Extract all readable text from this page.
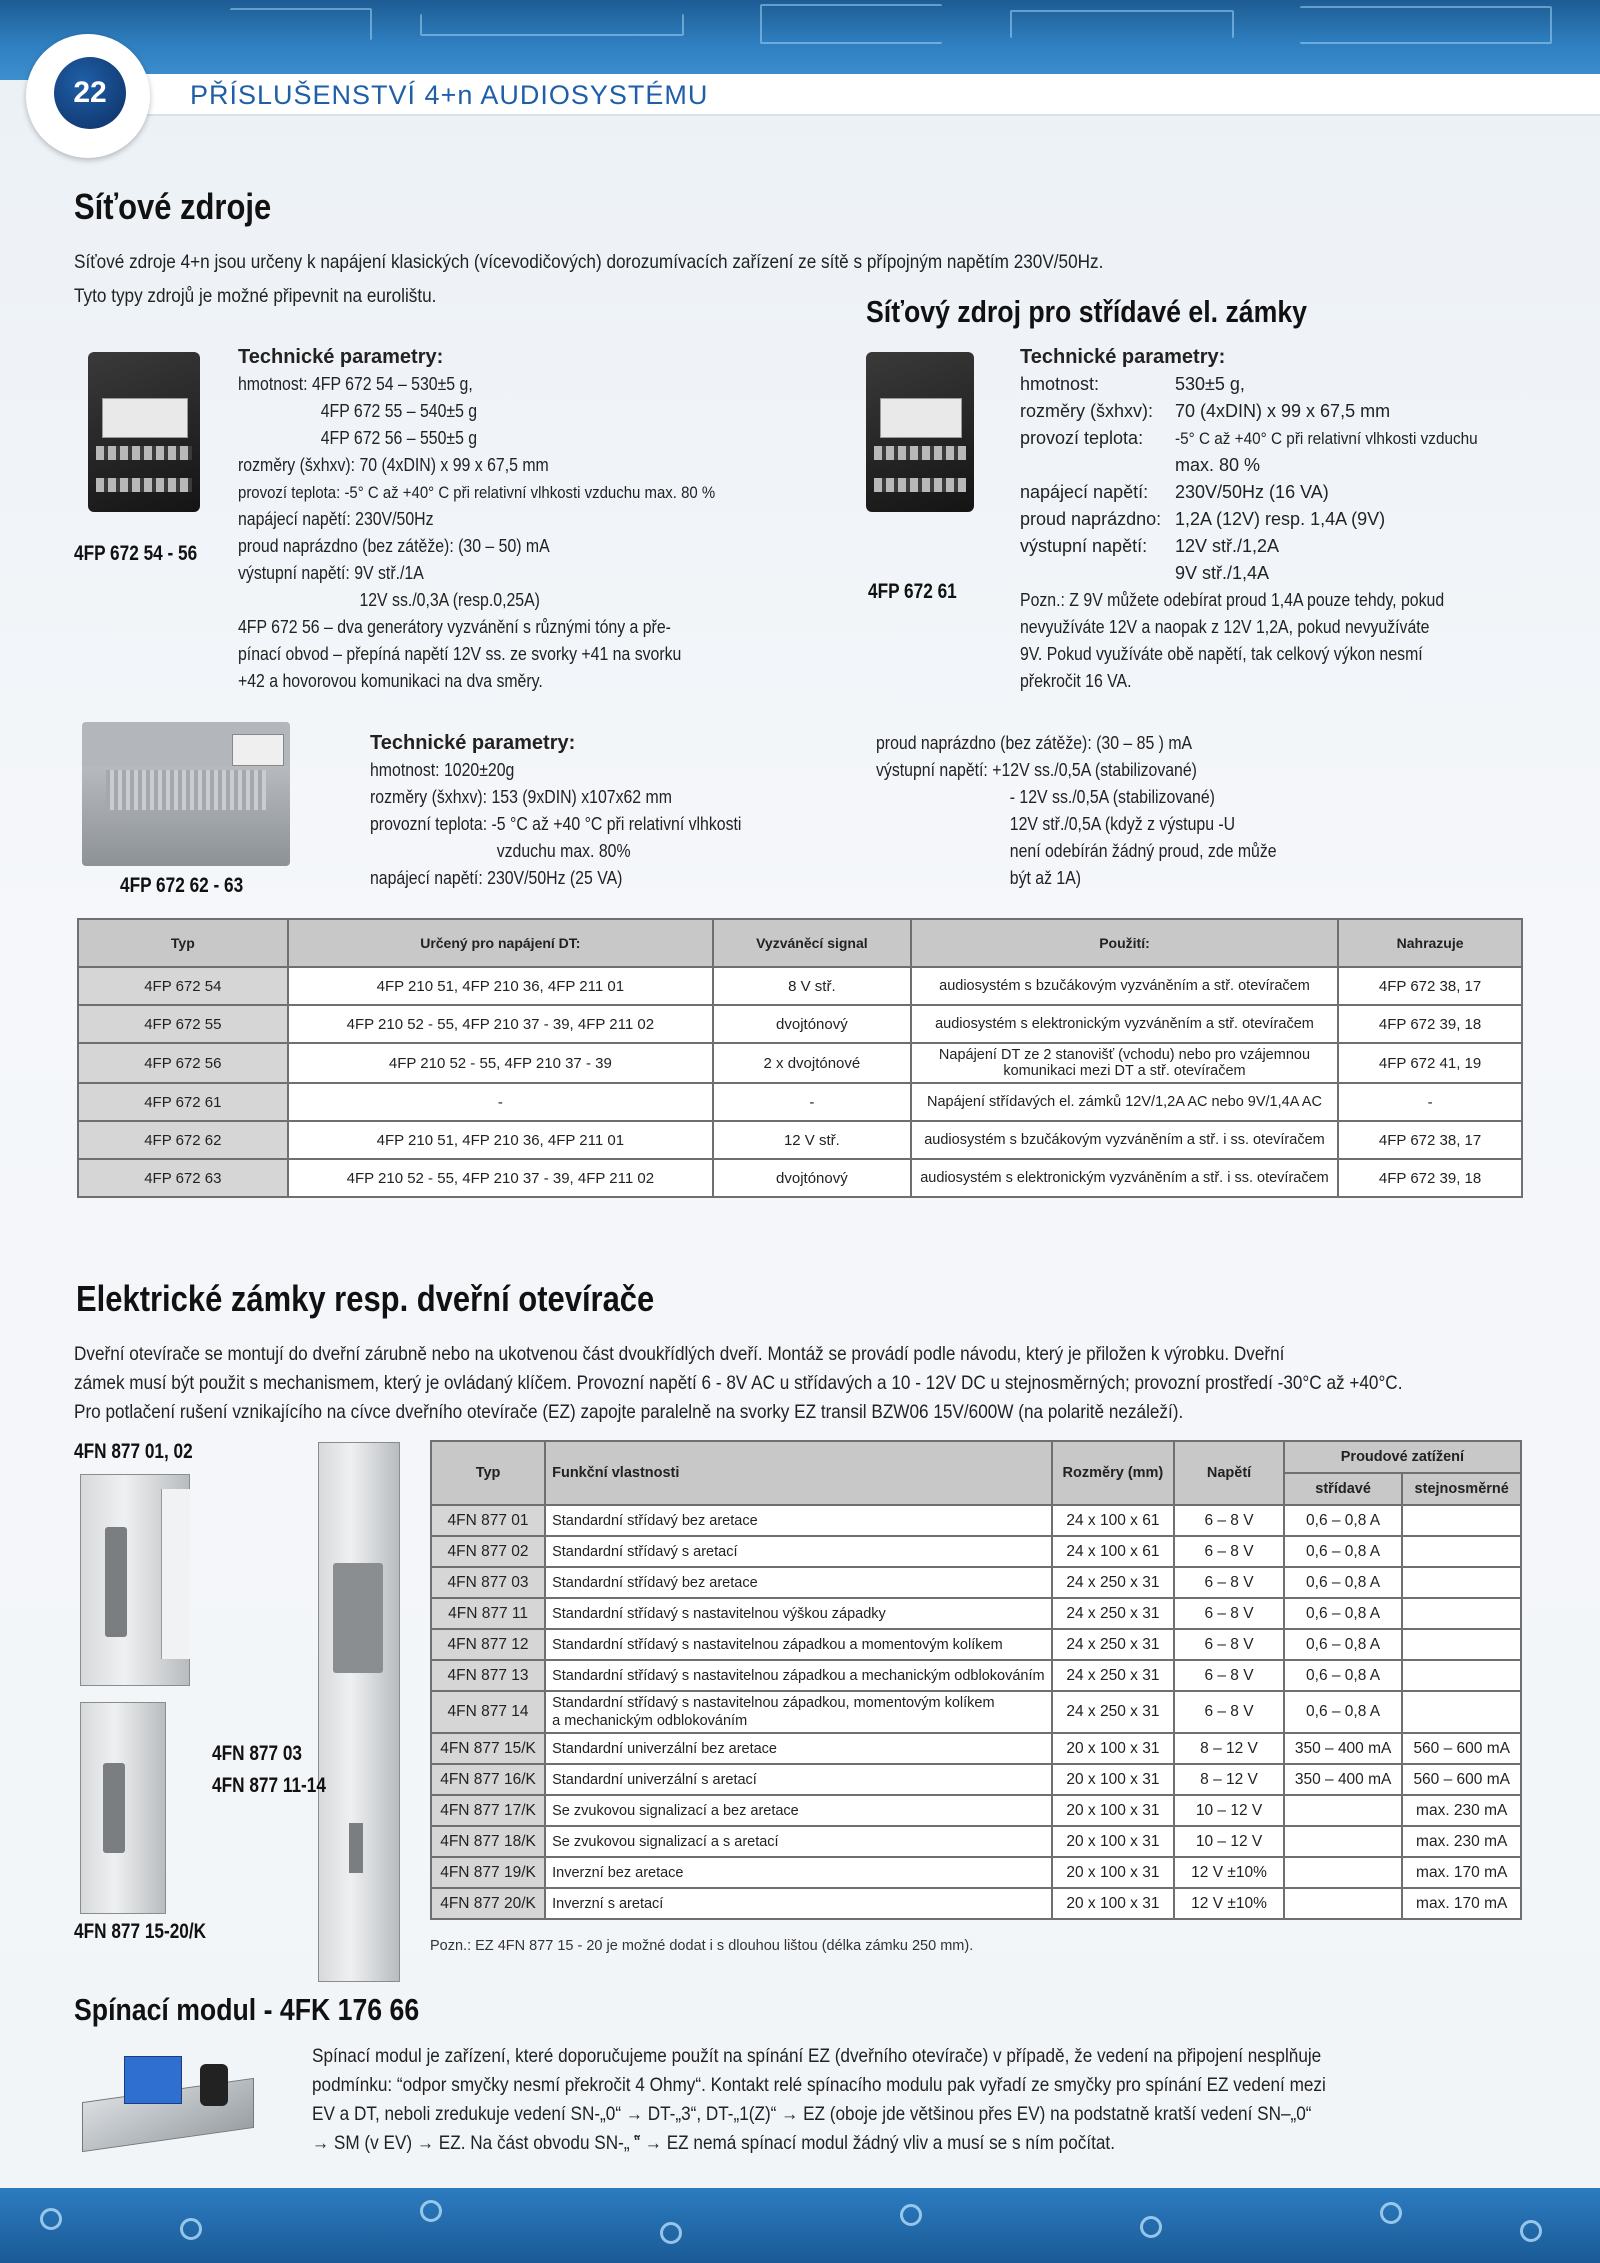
22	PŘÍSLUŠENSTVÍ 4+n AUDIOSYSTÉMU
Síťové zdroje
Síťové zdroje 4+n jsou určeny k napájení klasických (vícevodičových) dorozumívacích zařízení ze sítě s přípojným napětím 230V/50Hz.
Tyto typy zdrojů je možné připevnit na eurolištu.
4FP 672 54 - 56
Technické parametry:
hmotnost: 4FP 672 54 – 530±5 g,
4FP 672 55 – 540±5 g
4FP 672 56 – 550±5 g
rozměry (šxhxv): 70 (4xDIN) x 99 x 67,5 mm
provozí teplota: -5° C až +40° C při relativní vlhkosti vzduchu max. 80 %
napájecí napětí: 230V/50Hz
proud naprázdno (bez zátěže): (30 – 50) mA
výstupní napětí: 9V stř./1A
12V ss./0,3A (resp.0,25A)
4FP 672 56 – dva generátory vyzvánění s různými tóny a pře-
pínací obvod – přepíná napětí 12V ss. ze svorky +41 na svorku
+42 a hovorovou komunikaci na dva směry.
Síťový zdroj pro střídavé el. zámky
4FP 672 61
Technické parametry:
hmotnost:	530±5 g,
rozměry (šxhxv):	70 (4xDIN) x 99 x 67,5 mm
provozí teplota:	-5° C až +40° C při relativní vlhkosti vzduchu
max. 80 %
napájecí napětí:	230V/50Hz (16 VA)
proud naprázdno: 1,2A (12V) resp. 1,4A (9V)
výstupní napětí:	12V stř./1,2A
9V stř./1,4A
Pozn.: Z 9V můžete odebírat proud 1,4A pouze tehdy, pokud
nevyužíváte 12V a naopak z 12V 1,2A, pokud nevyužíváte
9V. Pokud využíváte obě napětí, tak celkový výkon nesmí
překročit 16 VA.
4FP 672 62 - 63
Technické parametry:
hmotnost: 1020±20g
rozměry (šxhxv): 153 (9xDIN) x107x62 mm
provozní teplota: -5 °C až +40 °C při relativní vlhkosti
vzduchu max. 80%
napájecí napětí: 230V/50Hz (25 VA)
proud naprázdno (bez zátěže): (30 – 85 ) mA
výstupní napětí: +12V ss./0,5A (stabilizované)
- 12V ss./0,5A (stabilizované)
12V stř./0,5A (když z výstupu -U
není odebírán žádný proud, zde může
být až 1A)
Typ	Určený pro napájení DT:	Vyzváněcí signal	Použití:	Nahrazuje
4FP 672 54	4FP 210 51, 4FP 210 36, 4FP 211 01	8 V stř.	audiosystém s bzučákovým vyzváněním a stř. otevíračem	4FP 672 38, 17
4FP 672 55	4FP 210 52 - 55, 4FP 210 37 - 39, 4FP 211 02	dvojtónový	audiosystém s elektronickým vyzváněním a stř. otevíračem	4FP 672 39, 18
4FP 672 56	4FP 210 52 - 55, 4FP 210 37 - 39	2 x dvojtónové	Napájení DT ze 2 stanovišť (vchodu) nebo pro vzájemnou komunikaci mezi DT a stř. otevíračem	4FP 672 41, 19
4FP 672 61	-	-	Napájení střídavých el. zámků 12V/1,2A AC nebo 9V/1,4A AC	-
4FP 672 62	4FP 210 51, 4FP 210 36, 4FP 211 01	12 V stř.	audiosystém s bzučákovým vyzváněním a stř. i ss. otevíračem	4FP 672 38, 17
4FP 672 63	4FP 210 52 - 55, 4FP 210 37 - 39, 4FP 211 02	dvojtónový	audiosystém s elektronickým vyzváněním a stř. i ss. otevíračem	4FP 672 39, 18
Elektrické zámky resp. dveřní otevírače
Dveřní otevírače se montují do dveřní zárubně nebo na ukotvenou část dvoukřídlých dveří. Montáž se provádí podle návodu, který je přiložen k výrobku. Dveřní
zámek musí být použit s mechanismem, který je ovládaný klíčem. Provozní napětí 6 - 8V AC u střídavých a 10 - 12V DC u stejnosměrných; provozní prostředí -30°C až +40°C.
Pro potlačení rušení vznikajícího na cívce dveřního otevírače (EZ) zapojte paralelně na svorky EZ transil BZW06 15V/600W (na polaritě nezáleží).
4FN 877 01, 02
4FN 877 03
4FN 877 11-14
4FN 877 15-20/K
Typ	Funkční vlastnosti	Rozměry (mm)	Napětí	Proudové zatížení	
				střídavé	stejnosměrné
4FN 877 01	Standardní střídavý bez aretace	24 x 100 x 61	6 – 8 V	0,6 – 0,8 A	
4FN 877 02	Standardní střídavý s aretací	24 x 100 x 61	6 – 8 V	0,6 – 0,8 A	
4FN 877 03	Standardní střídavý bez aretace	24 x 250 x 31	6 – 8 V	0,6 – 0,8 A	
4FN 877 11	Standardní střídavý s nastavitelnou výškou západky	24 x 250 x 31	6 – 8 V	0,6 – 0,8 A	
4FN 877 12	Standardní střídavý s nastavitelnou západkou a momentovým kolíkem	24 x 250 x 31	6 – 8 V	0,6 – 0,8 A	
4FN 877 13	Standardní střídavý s nastavitelnou západkou a mechanickým odblokováním	24 x 250 x 31	6 – 8 V	0,6 – 0,8 A	
4FN 877 14	Standardní střídavý s nastavitelnou západkou, momentovým kolíkem
a mechanickým odblokováním	24 x 250 x 31	6 – 8 V	0,6 – 0,8 A	
4FN 877 15/K	Standardní univerzální bez aretace	20 x 100 x 31	8 – 12 V	350 – 400 mA	560 – 600 mA
4FN 877 16/K	Standardní univerzální s aretací	20 x 100 x 31	8 – 12 V	350 – 400 mA	560 – 600 mA
4FN 877 17/K	Se zvukovou signalizací a bez aretace	20 x 100 x 31	10 – 12 V		max. 230 mA
4FN 877 18/K	Se zvukovou signalizací a s aretací	20 x 100 x 31	10 – 12 V		max. 230 mA
4FN 877 19/K	Inverzní bez aretace	20 x 100 x 31	12 V ±10%		max. 170 mA
4FN 877 20/K	Inverzní s aretací	20 x 100 x 31	12 V ±10%		max. 170 mA
Pozn.: EZ 4FN 877 15 - 20 je možné dodat i s dlouhou lištou (délka zámku 250 mm).
Spínací modul - 4FK 176 66
Spínací modul je zařízení, které doporučujeme použít na spínání EZ (dveřního otevírače) v případě, že vedení na připojení nesplňuje
podmínku: “odpor smyčky nesmí překročit 4 Ohmy“. Kontakt relé spínacího modulu pak vyřadí ze smyčky pro spínání EZ vedení mezi
EV a DT, neboli zredukuje vedení SN-„0“ → DT-„3“, DT-„1(Z)“ → EZ (oboje jde většinou přes EV) na podstatně kratší vedení SN–„0“
→ SM (v EV) → EZ. Na část obvodu SN-„ ̃“ → EZ nemá spínací modul žádný vliv a musí se s ním počítat.
